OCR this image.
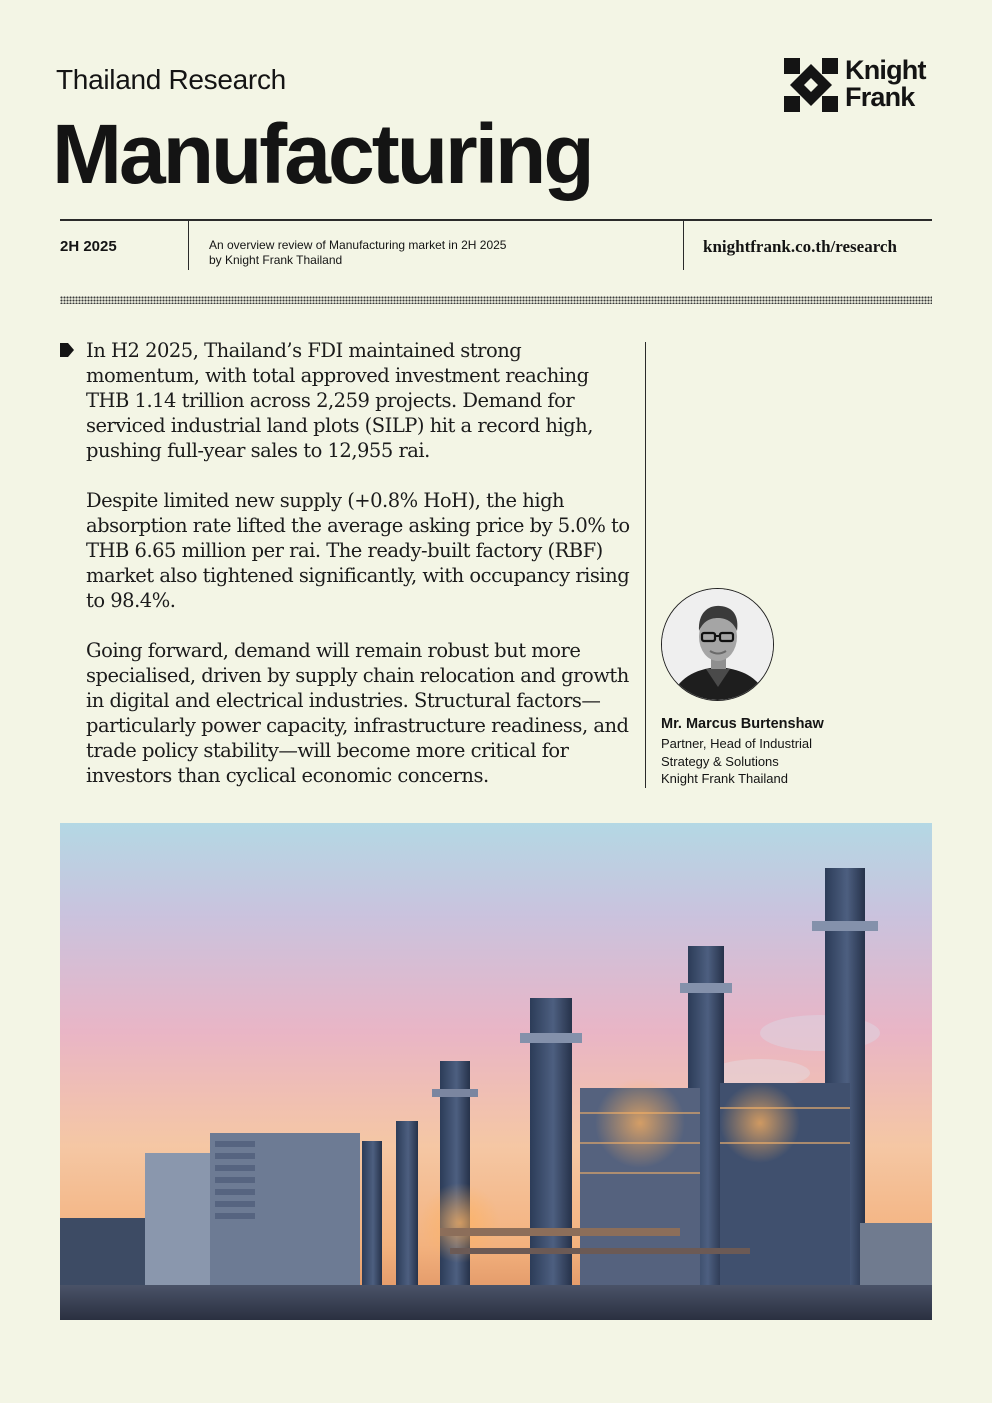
Thailand Research
Manufacturing
Knight
Frank
2H 2025	An overview review of Manufacturing market in 2H 2025
by Knight Frank Thailand
knightfrank.co.th/research

In H2 2025, Thailand’s FDI maintained strong momentum, with total approved investment reaching THB 1.14 trillion across 2,259 projects. Demand for serviced industrial land plots (SILP) hit a record high, pushing full-year sales to 12,955 rai.

Despite limited new supply (+0.8% HoH), the high absorption rate lifted the average asking price by 5.0% to THB 6.65 million per rai. The ready-built factory (RBF) market also tightened significantly, with occupancy rising to 98.4%.

Going forward, demand will remain robust but more specialised, driven by supply chain relocation and growth in digital and electrical industries. Structural factors—particularly power capacity, infrastructure readiness, and trade policy stability—will become more critical for investors than cyclical economic concerns.

Mr. Marcus Burtenshaw
Partner, Head of Industrial
Strategy & Solutions
Knight Frank Thailand
